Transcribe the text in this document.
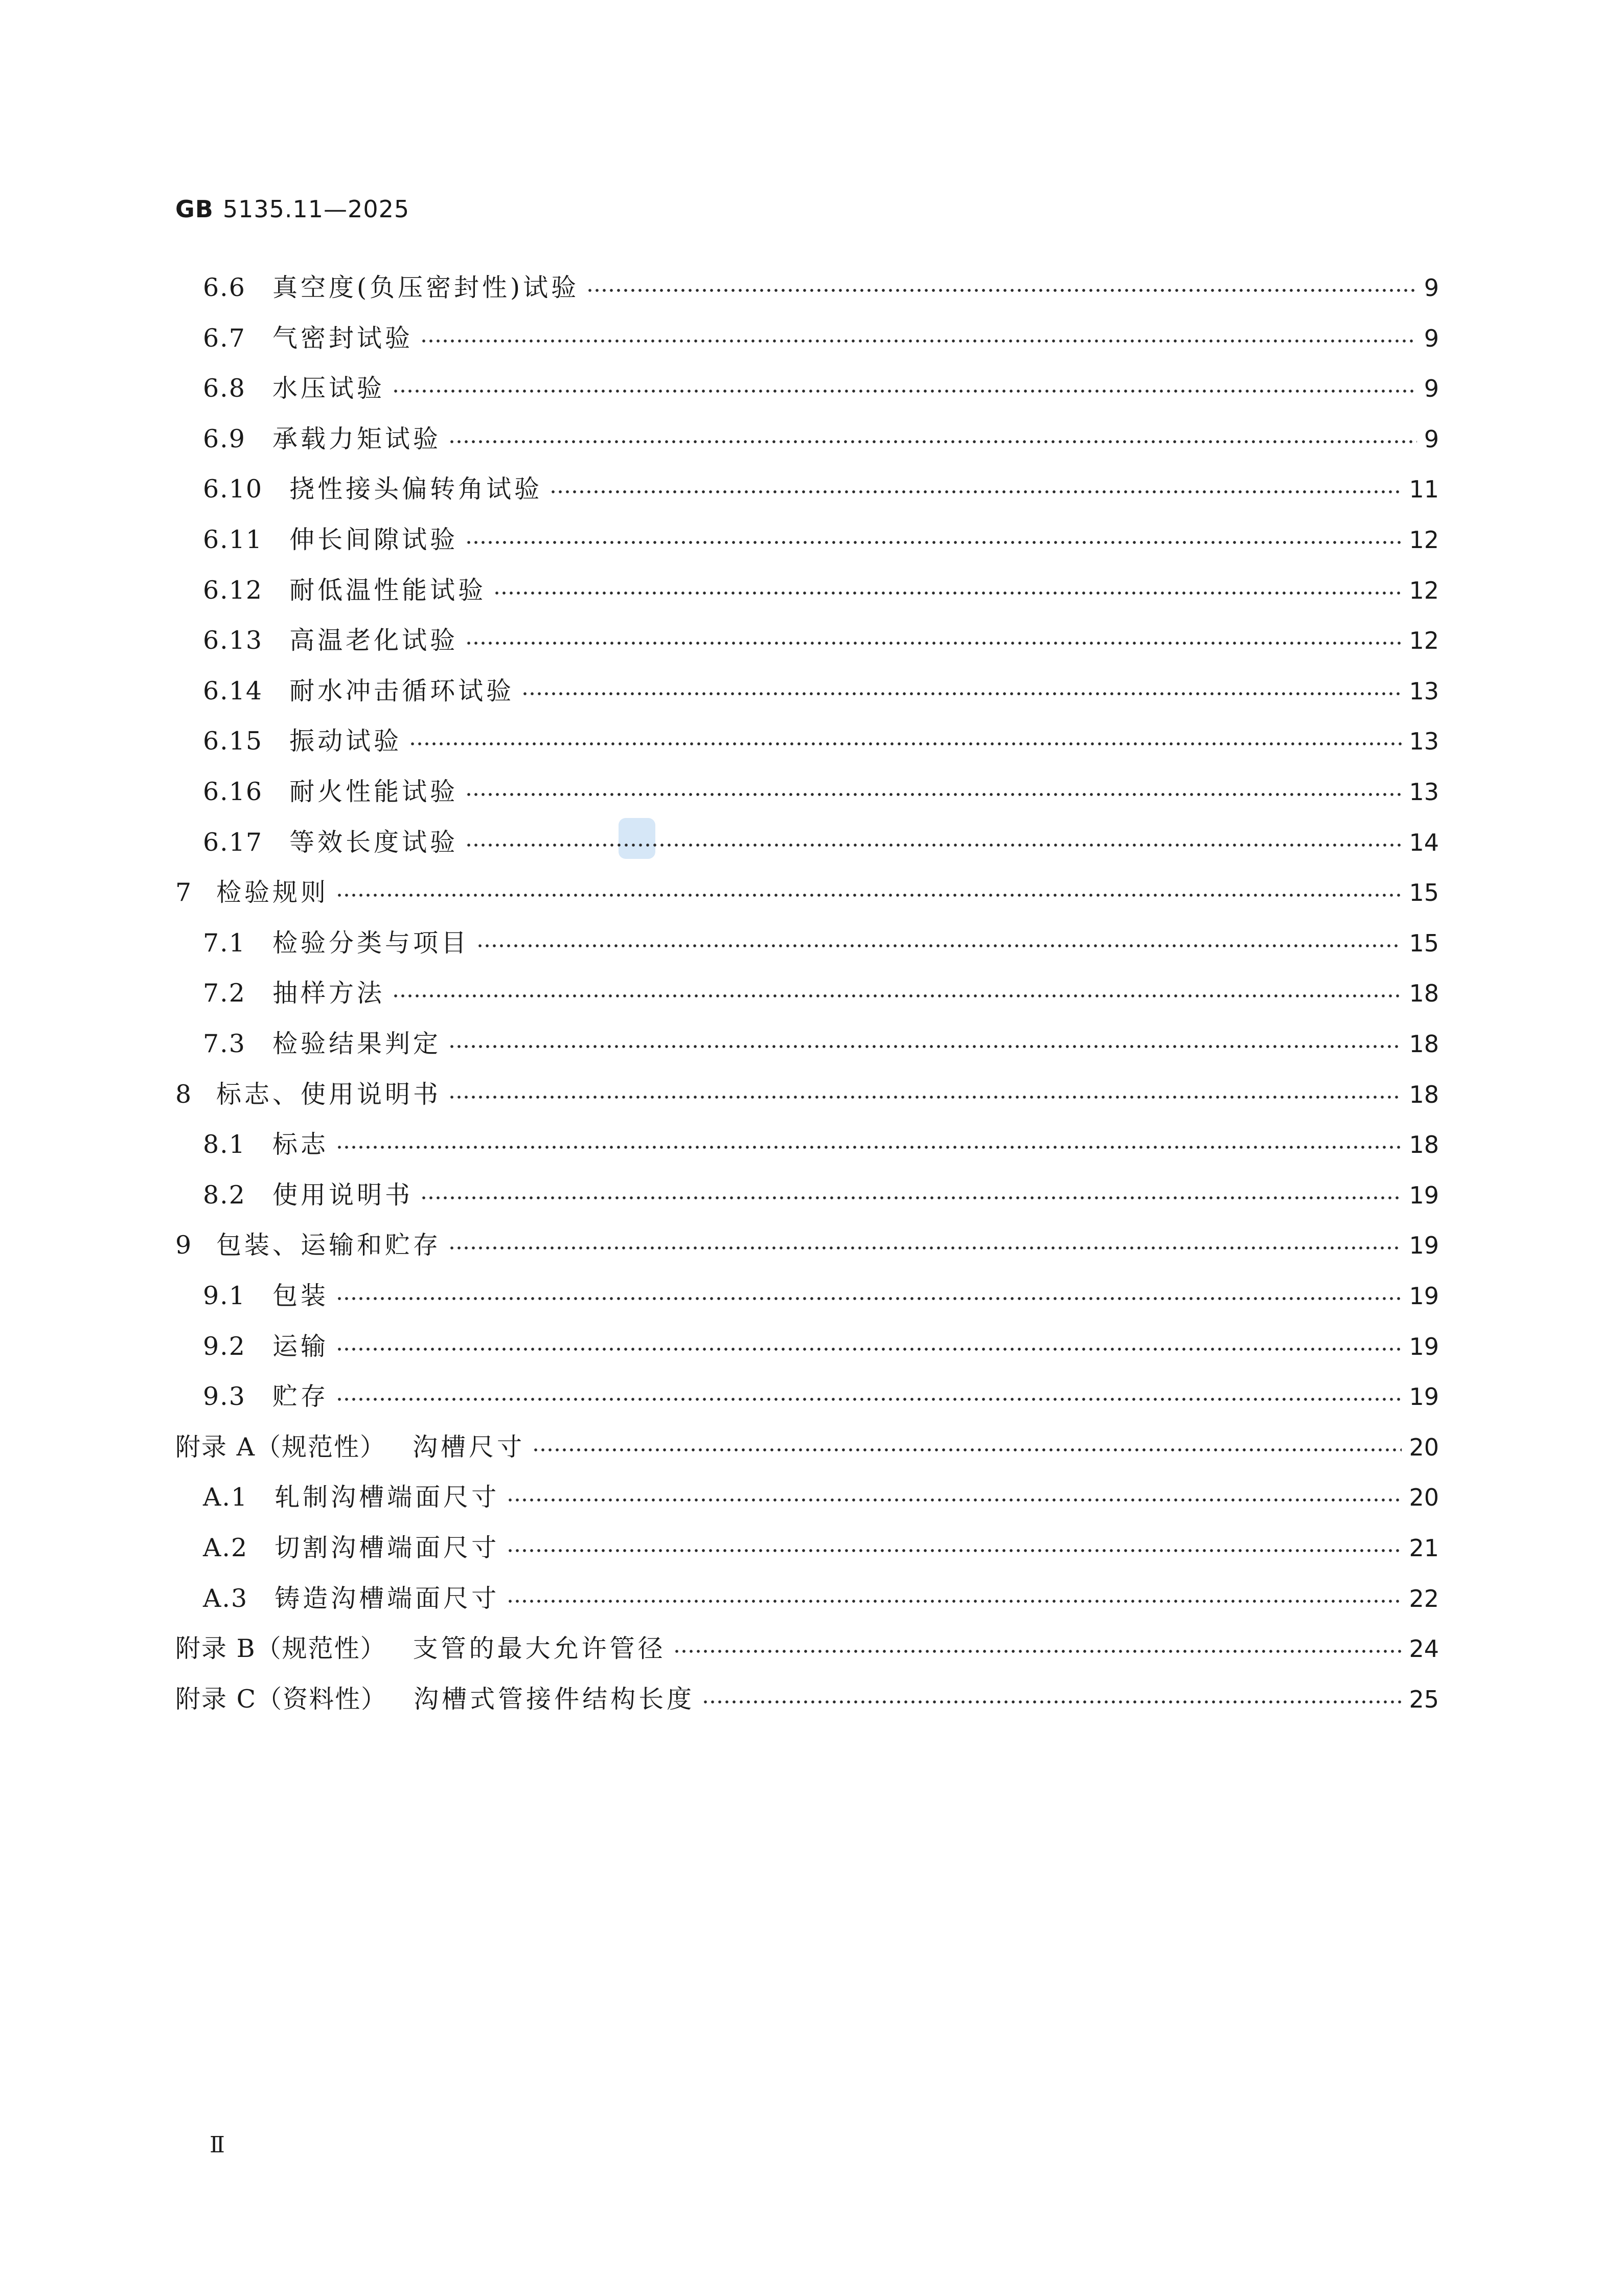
GB 5135.11—2025
6.6 真空度(负压密封性)试验	9
6.7 气密封试验	9
6.8 水压试验	9
6.9 承载力矩试验	9
6.10 挠性接头偏转角试验	11
6.11 伸长间隙试验	12
6.12 耐低温性能试验	12
6.13 高温老化试验	12
6.14 耐水冲击循环试验	13
6.15 振动试验	13
6.16 耐火性能试验	13
6.17 等效长度试验	14
7 检验规则	15
7.1 检验分类与项目	15
7.2 抽样方法	18
7.3 检验结果判定	18
8 标志、使用说明书	18
8.1 标志	18
8.2 使用说明书	19
9 包装、运输和贮存	19
9.1 包装	19
9.2 运输	19
9.3 贮存	19
附录 A（规范性） 沟槽尺寸	20
A.1 轧制沟槽端面尺寸	20
A.2 切割沟槽端面尺寸	21
A.3 铸造沟槽端面尺寸	22
附录 B（规范性） 支管的最大允许管径	24
附录 C（资料性） 沟槽式管接件结构长度	25
Ⅱ
